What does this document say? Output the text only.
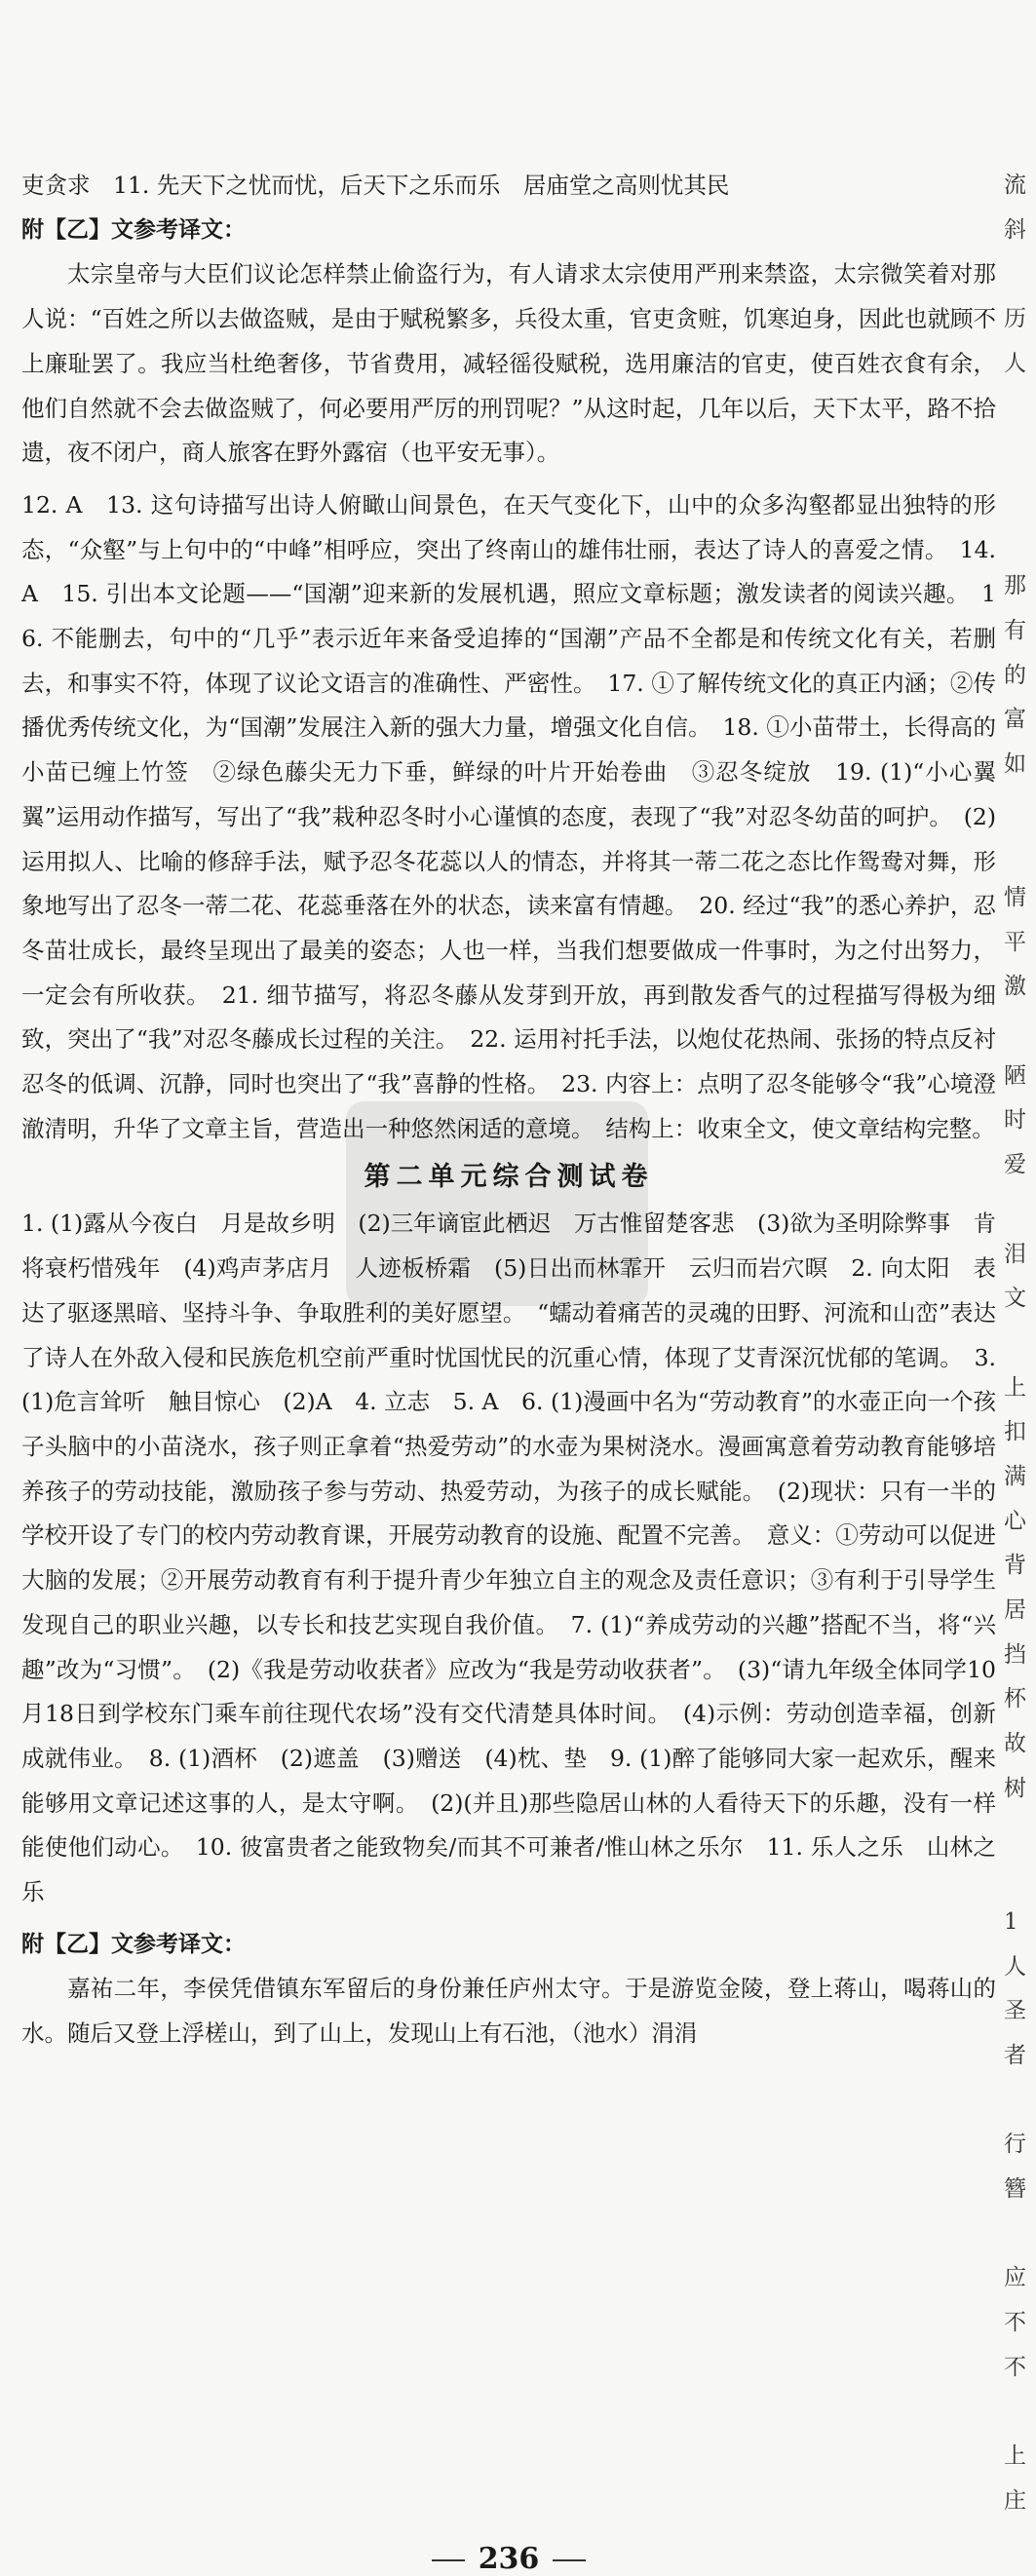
吏贪求　11. 先天下之忧而忧，后天下之乐而乐　居庙堂之高则忧其民

附【乙】文参考译文：

太宗皇帝与大臣们议论怎样禁止偷盗行为，有人请求太宗使用严刑来禁盗，太宗微笑着对那人说：“百姓之所以去做盗贼，是由于赋税繁多，兵役太重，官吏贪赃，饥寒迫身，因此也就顾不上廉耻罢了。我应当杜绝奢侈，节省费用，减轻徭役赋税，选用廉洁的官吏，使百姓衣食有余，他们自然就不会去做盗贼了，何必要用严厉的刑罚呢？”从这时起，几年以后，天下太平，路不拾遗，夜不闭户，商人旅客在野外露宿（也平安无事）。

12. A　13. 这句诗描写出诗人俯瞰山间景色，在天气变化下，山中的众多沟壑都显出独特的形态，“众壑”与上句中的“中峰”相呼应，突出了终南山的雄伟壮丽，表达了诗人的喜爱之情。　14. A　15. 引出本文论题——“国潮”迎来新的发展机遇，照应文章标题；激发读者的阅读兴趣。　16. 不能删去，句中的“几乎”表示近年来备受追捧的“国潮”产品不全都是和传统文化有关，若删去，和事实不符，体现了议论文语言的准确性、严密性。　17. ①了解传统文化的真正内涵；②传播优秀传统文化，为“国潮”发展注入新的强大力量，增强文化自信。　18. ①小苗带土，长得高的小苗已缠上竹签　②绿色藤尖无力下垂，鲜绿的叶片开始卷曲　③忍冬绽放　19. (1)“小心翼翼”运用动作描写，写出了“我”栽种忍冬时小心谨慎的态度，表现了“我”对忍冬幼苗的呵护。　(2)运用拟人、比喻的修辞手法，赋予忍冬花蕊以人的情态，并将其一蒂二花之态比作鸳鸯对舞，形象地写出了忍冬一蒂二花、花蕊垂落在外的状态，读来富有情趣。　20. 经过“我”的悉心养护，忍冬苗壮成长，最终呈现出了最美的姿态；人也一样，当我们想要做成一件事时，为之付出努力，一定会有所收获。　21. 细节描写，将忍冬藤从发芽到开放，再到散发香气的过程描写得极为细致，突出了“我”对忍冬藤成长过程的关注。　22. 运用衬托手法，以炮仗花热闹、张扬的特点反衬忍冬的低调、沉静，同时也突出了“我”喜静的性格。　23. 内容上：点明了忍冬能够令“我”心境澄澈清明，升华了文章主旨，营造出一种悠然闲适的意境。　结构上：收束全文，使文章结构完整。

第二单元综合测试卷

1. (1)露从今夜白　月是故乡明　(2)三年谪宦此栖迟　万古惟留楚客悲　(3)欲为圣明除弊事　肯将衰朽惜残年　(4)鸡声茅店月　人迹板桥霜　(5)日出而林霏开　云归而岩穴暝　2. 向太阳　表达了驱逐黑暗、坚持斗争、争取胜利的美好愿望。　“蠕动着痛苦的灵魂的田野、河流和山峦”表达了诗人在外敌入侵和民族危机空前严重时忧国忧民的沉重心情，体现了艾青深沉忧郁的笔调。　3. (1)危言耸听　触目惊心　(2)A　4. 立志　5. A　6. (1)漫画中名为“劳动教育”的水壶正向一个孩子头脑中的小苗浇水，孩子则正拿着“热爱劳动”的水壶为果树浇水。漫画寓意着劳动教育能够培养孩子的劳动技能，激励孩子参与劳动、热爱劳动，为孩子的成长赋能。　(2)现状：只有一半的学校开设了专门的校内劳动教育课，开展劳动教育的设施、配置不完善。　意义：①劳动可以促进大脑的发展；②开展劳动教育有利于提升青少年独立自主的观念及责任意识；③有利于引导学生发现自己的职业兴趣，以专长和技艺实现自我价值。　7. (1)“养成劳动的兴趣”搭配不当，将“兴趣”改为“习惯”。　(2)《我是劳动收获者》应改为“我是劳动收获者”。　(3)“请九年级全体同学10月18日到学校东门乘车前往现代农场”没有交代清楚具体时间。　(4)示例：劳动创造幸福，创新成就伟业。　8. (1)酒杯　(2)遮盖　(3)赠送　(4)枕、垫　9. (1)醉了能够同大家一起欢乐，醒来能够用文章记述这事的人，是太守啊。　(2)(并且)那些隐居山林的人看待天下的乐趣，没有一样能使他们动心。　10. 彼富贵者之能致物矣/而其不可兼者/惟山林之乐尔　11. 乐人之乐　山林之乐

附【乙】文参考译文：

嘉祐二年，李侯凭借镇东军留后的身份兼任庐州太守。于是游览金陵，登上蒋山，喝蒋山的水。随后又登上浮槎山，到了山上，发现山上有石池，（池水）涓涓

236
流
斜
历
人
那
有
的
富
如
情
平
激
陋
时
爱
泪
文
上
扣
满
心
背
居
挡
杯
故
树
1
人
圣
者
行
簪
应
不
不
上
庄
